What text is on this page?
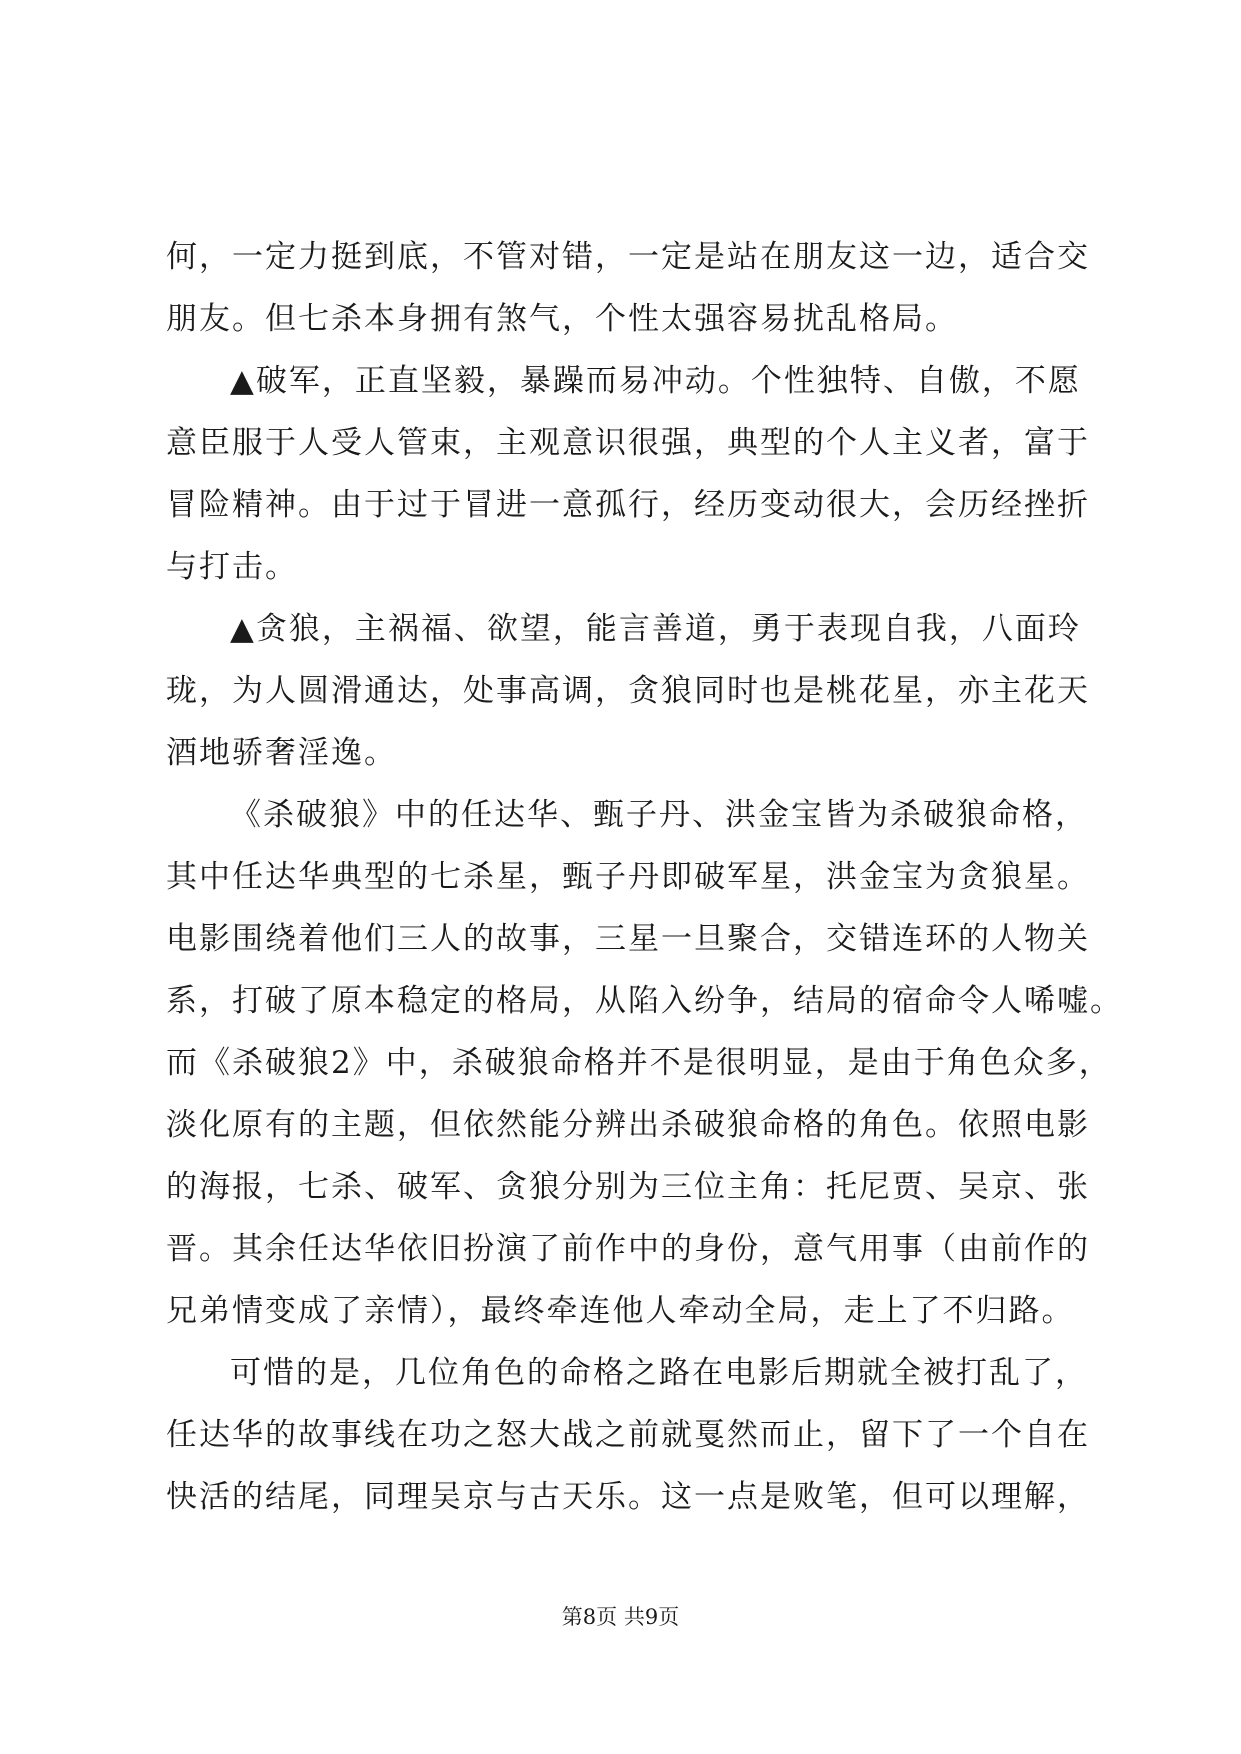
何，一定力挺到底，不管对错，一定是站在朋友这一边，适合交
朋友。但七杀本身拥有煞气，个性太强容易扰乱格局。
▲破军，正直坚毅，暴躁而易冲动。个性独特、自傲，不愿
意臣服于人受人管束，主观意识很强，典型的个人主义者，富于
冒险精神。由于过于冒进一意孤行，经历变动很大，会历经挫折
与打击。
▲贪狼，主祸福、欲望，能言善道，勇于表现自我，八面玲
珑，为人圆滑通达，处事高调，贪狼同时也是桃花星，亦主花天
酒地骄奢淫逸。
《杀破狼》中的任达华、甄子丹、洪金宝皆为杀破狼命格，
其中任达华典型的七杀星，甄子丹即破军星，洪金宝为贪狼星。
电影围绕着他们三人的故事，三星一旦聚合，交错连环的人物关
系，打破了原本稳定的格局，从陷入纷争，结局的宿命令人唏嘘。
而《杀破狼2》中，杀破狼命格并不是很明显，是由于角色众多，
淡化原有的主题，但依然能分辨出杀破狼命格的角色。依照电影
的海报，七杀、破军、贪狼分别为三位主角：托尼贾、吴京、张
晋。其余任达华依旧扮演了前作中的身份，意气用事（由前作的
兄弟情变成了亲情），最终牵连他人牵动全局，走上了不归路。
可惜的是，几位角色的命格之路在电影后期就全被打乱了，
任达华的故事线在功之怒大战之前就戛然而止，留下了一个自在
快活的结尾，同理吴京与古天乐。这一点是败笔，但可以理解，
第8页 共9页
